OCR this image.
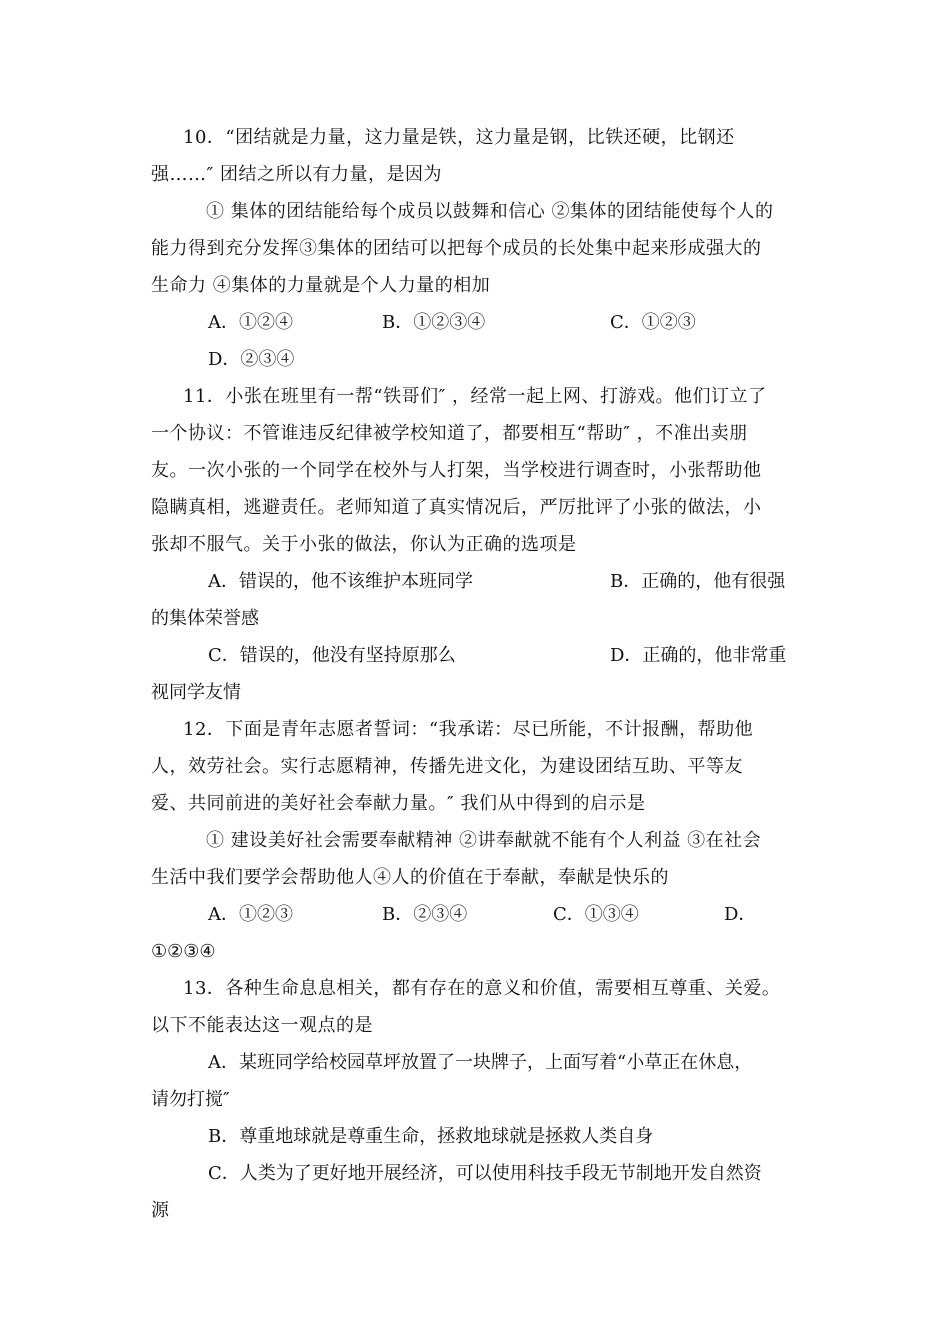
10．“团结就是力量，这力量是铁，这力量是钢，比铁还硬，比钢还
强……″ 团结之所以有力量，是因为
① 集体的团结能给每个成员以鼓舞和信心 ②集体的团结能使每个人的
能力得到充分发挥③集体的团结可以把每个成员的长处集中起来形成强大的
生命力 ④集体的力量就是个人力量的相加
A．①②④	B．①②③④	C．①②③
D．②③④
11．小张在班里有一帮“铁哥们″ ，经常一起上网、打游戏。他们订立了
一个协议：不管谁违反纪律被学校知道了，都要相互“帮助″ ，不准出卖朋
友。一次小张的一个同学在校外与人打架，当学校进行调查时，小张帮助他
隐瞒真相，逃避责任。老师知道了真实情况后，严厉批评了小张的做法，小
张却不服气。关于小张的做法，你认为正确的选项是
A．错误的，他不该维护本班同学	B．正确的，他有很强
的集体荣誉感
C．错误的，他没有坚持原那么	D．正确的，他非常重
视同学友情
12．下面是青年志愿者誓词：“我承诺：尽已所能，不计报酬，帮助他
人，效劳社会。实行志愿精神，传播先进文化，为建设团结互助、平等友
爱、共同前进的美好社会奉献力量。″ 我们从中得到的启示是
① 建设美好社会需要奉献精神 ②讲奉献就不能有个人利益 ③在社会
生活中我们要学会帮助他人④人的价值在于奉献，奉献是快乐的
A．①②③	B．②③④	C．①③④	D．
①②③④
13．各种生命息息相关，都有存在的意义和价值，需要相互尊重、关爱。
以下不能表达这一观点的是
A．某班同学给校园草坪放置了一块牌子，上面写着“小草正在休息，
请勿打搅″
B．尊重地球就是尊重生命，拯救地球就是拯救人类自身
C．人类为了更好地开展经济，可以使用科技手段无节制地开发自然资
源
